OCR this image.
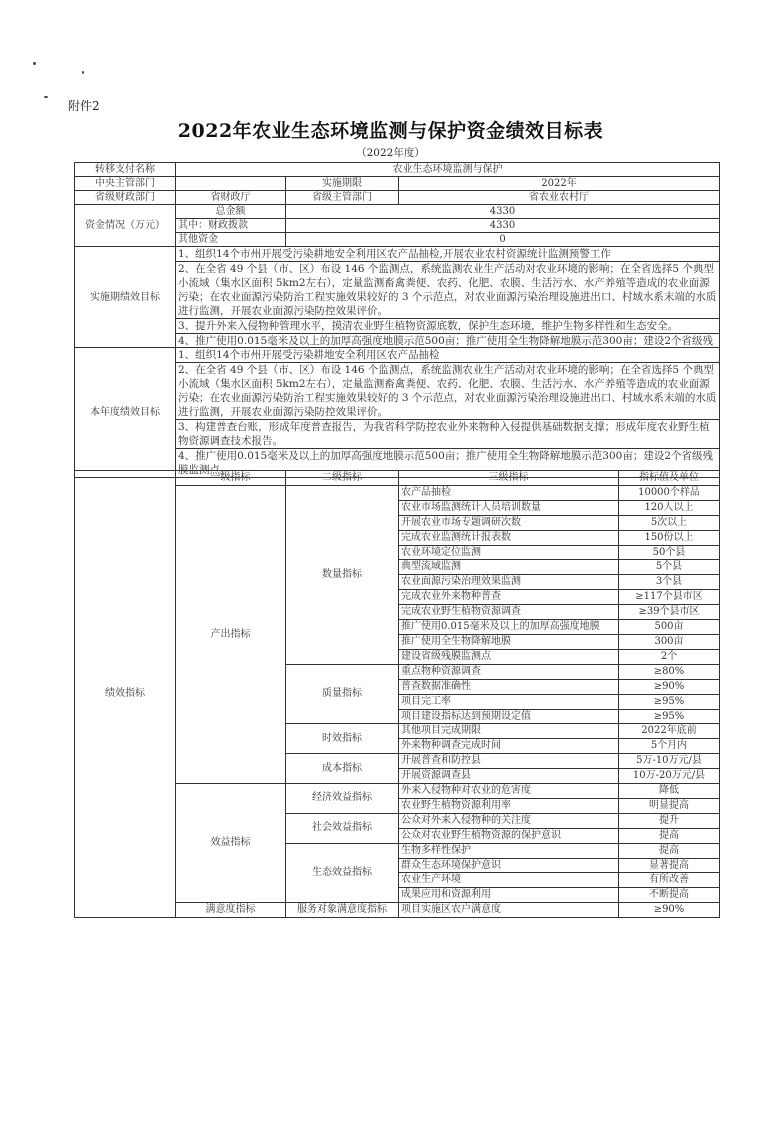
附件2
2022年农业生态环境监测与保护资金绩效目标表
（2022年度）
转移支付名称	农业生态环境监测与保护		
中央主管部门		实施期限	2022年
省级财政部门	省财政厅	省级主管部门	省农业农村厅
资金情况（万元）	总金额	4330	
	其中：财政拨款	4330	
	其他资金	0	
实施期绩效目标	1、组织14个市州开展受污染耕地安全利用区农产品抽检,开展农业农村资源统计监测预警工作		
	2、在全省 49 个县（市、区）布设 146 个监测点，系统监测农业生产活动对农业环境的影响；在全省选择5 个典型小流域（集水区面积 5km2左右），定量监测畜禽粪便、农药、化肥、农膜、生活污水、水产养殖等造成的农业面源污染；在农业面源污染防治工程实施效果较好的 3 个示范点，对农业面源污染治理设施进出口、村域水系末端的水质进行监测，开展农业面源污染防控效果评价。		
	3、提升外来入侵物种管理水平，摸清农业野生植物资源底数，保护生态环境，维护生物多样性和生态安全。		

	4、推广使用0.015毫米及以上的加厚高强度地膜示范500亩；推广使用全生物降解地膜示范300亩；建设2个省级残		

本年度绩效目标	1、组织14个市州开展受污染耕地安全利用区农产品抽检		
	2、在全省 49 个县（市、区）布设 146 个监测点，系统监测农业生产活动对农业环境的影响；在全省选择5 个典型小流域（集水区面积 5km2左右），定量监测畜禽粪便、农药、化肥、农膜、生活污水、水产养殖等造成的农业面源污染；在农业面源污染防治工程实施效果较好的 3 个示范点，对农业面源污染治理设施进出口、村域水系末端的水质进行监测，开展农业面源污染防控效果评价。		
	3、构建普查台账，形成年度普查报告，为我省科学防控农业外来物种入侵提供基础数据支撑；形成年度农业野生植物资源调查技术报告。		
	4、推广使用0.015毫米及以上的加厚高强度地膜示范500亩；推广使用全生物降解地膜示范300亩；建设2个省级残膜监测点。		
绩效指标	一级指标	二级指标	三级指标	指标值及单位
	产出指标	数量指标	农产品抽检	10000个样品
			农业市场监测统计人员培训数量	120人以上
			开展农业市场专题调研次数	5次以上
			完成农业监测统计报表数	150份以上
			农业环境定位监测	50个县
			典型流域监测	5个县
			农业面源污染治理效果监测	3个县
			完成农业外来物种普查	≥117个县市区
			完成农业野生植物资源调查	≥39个县市区
			推广使用0.015毫米及以上的加厚高强度地膜	500亩
			推广使用全生物降解地膜	300亩
			建设省级残膜监测点	2个
		质量指标	重点物种资源调查	≥80%
			普查数据准确性	≥90%
			项目完工率	≥95%
			项目建设指标达到预期设定值	≥95%
		时效指标	其他项目完成期限	2022年底前
			外来物种调查完成时间	5个月内
		成本指标	开展普查和防控县	5万-10万元/县
			开展资源调查县	10万-20万元/县
	效益指标	经济效益指标	外来入侵物种对农业的危害度	降低
			农业野生植物资源利用率	明显提高
		社会效益指标	公众对外来入侵物种的关注度	提升
			公众对农业野生植物资源的保护意识	提高
		生态效益指标	生物多样性保护	提高
			群众生态环境保护意识	显著提高
			农业生产环境	有所改善
			成果应用和资源利用	不断提高
	满意度指标	服务对象满意度指标	项目实施区农户满意度	≥90%
